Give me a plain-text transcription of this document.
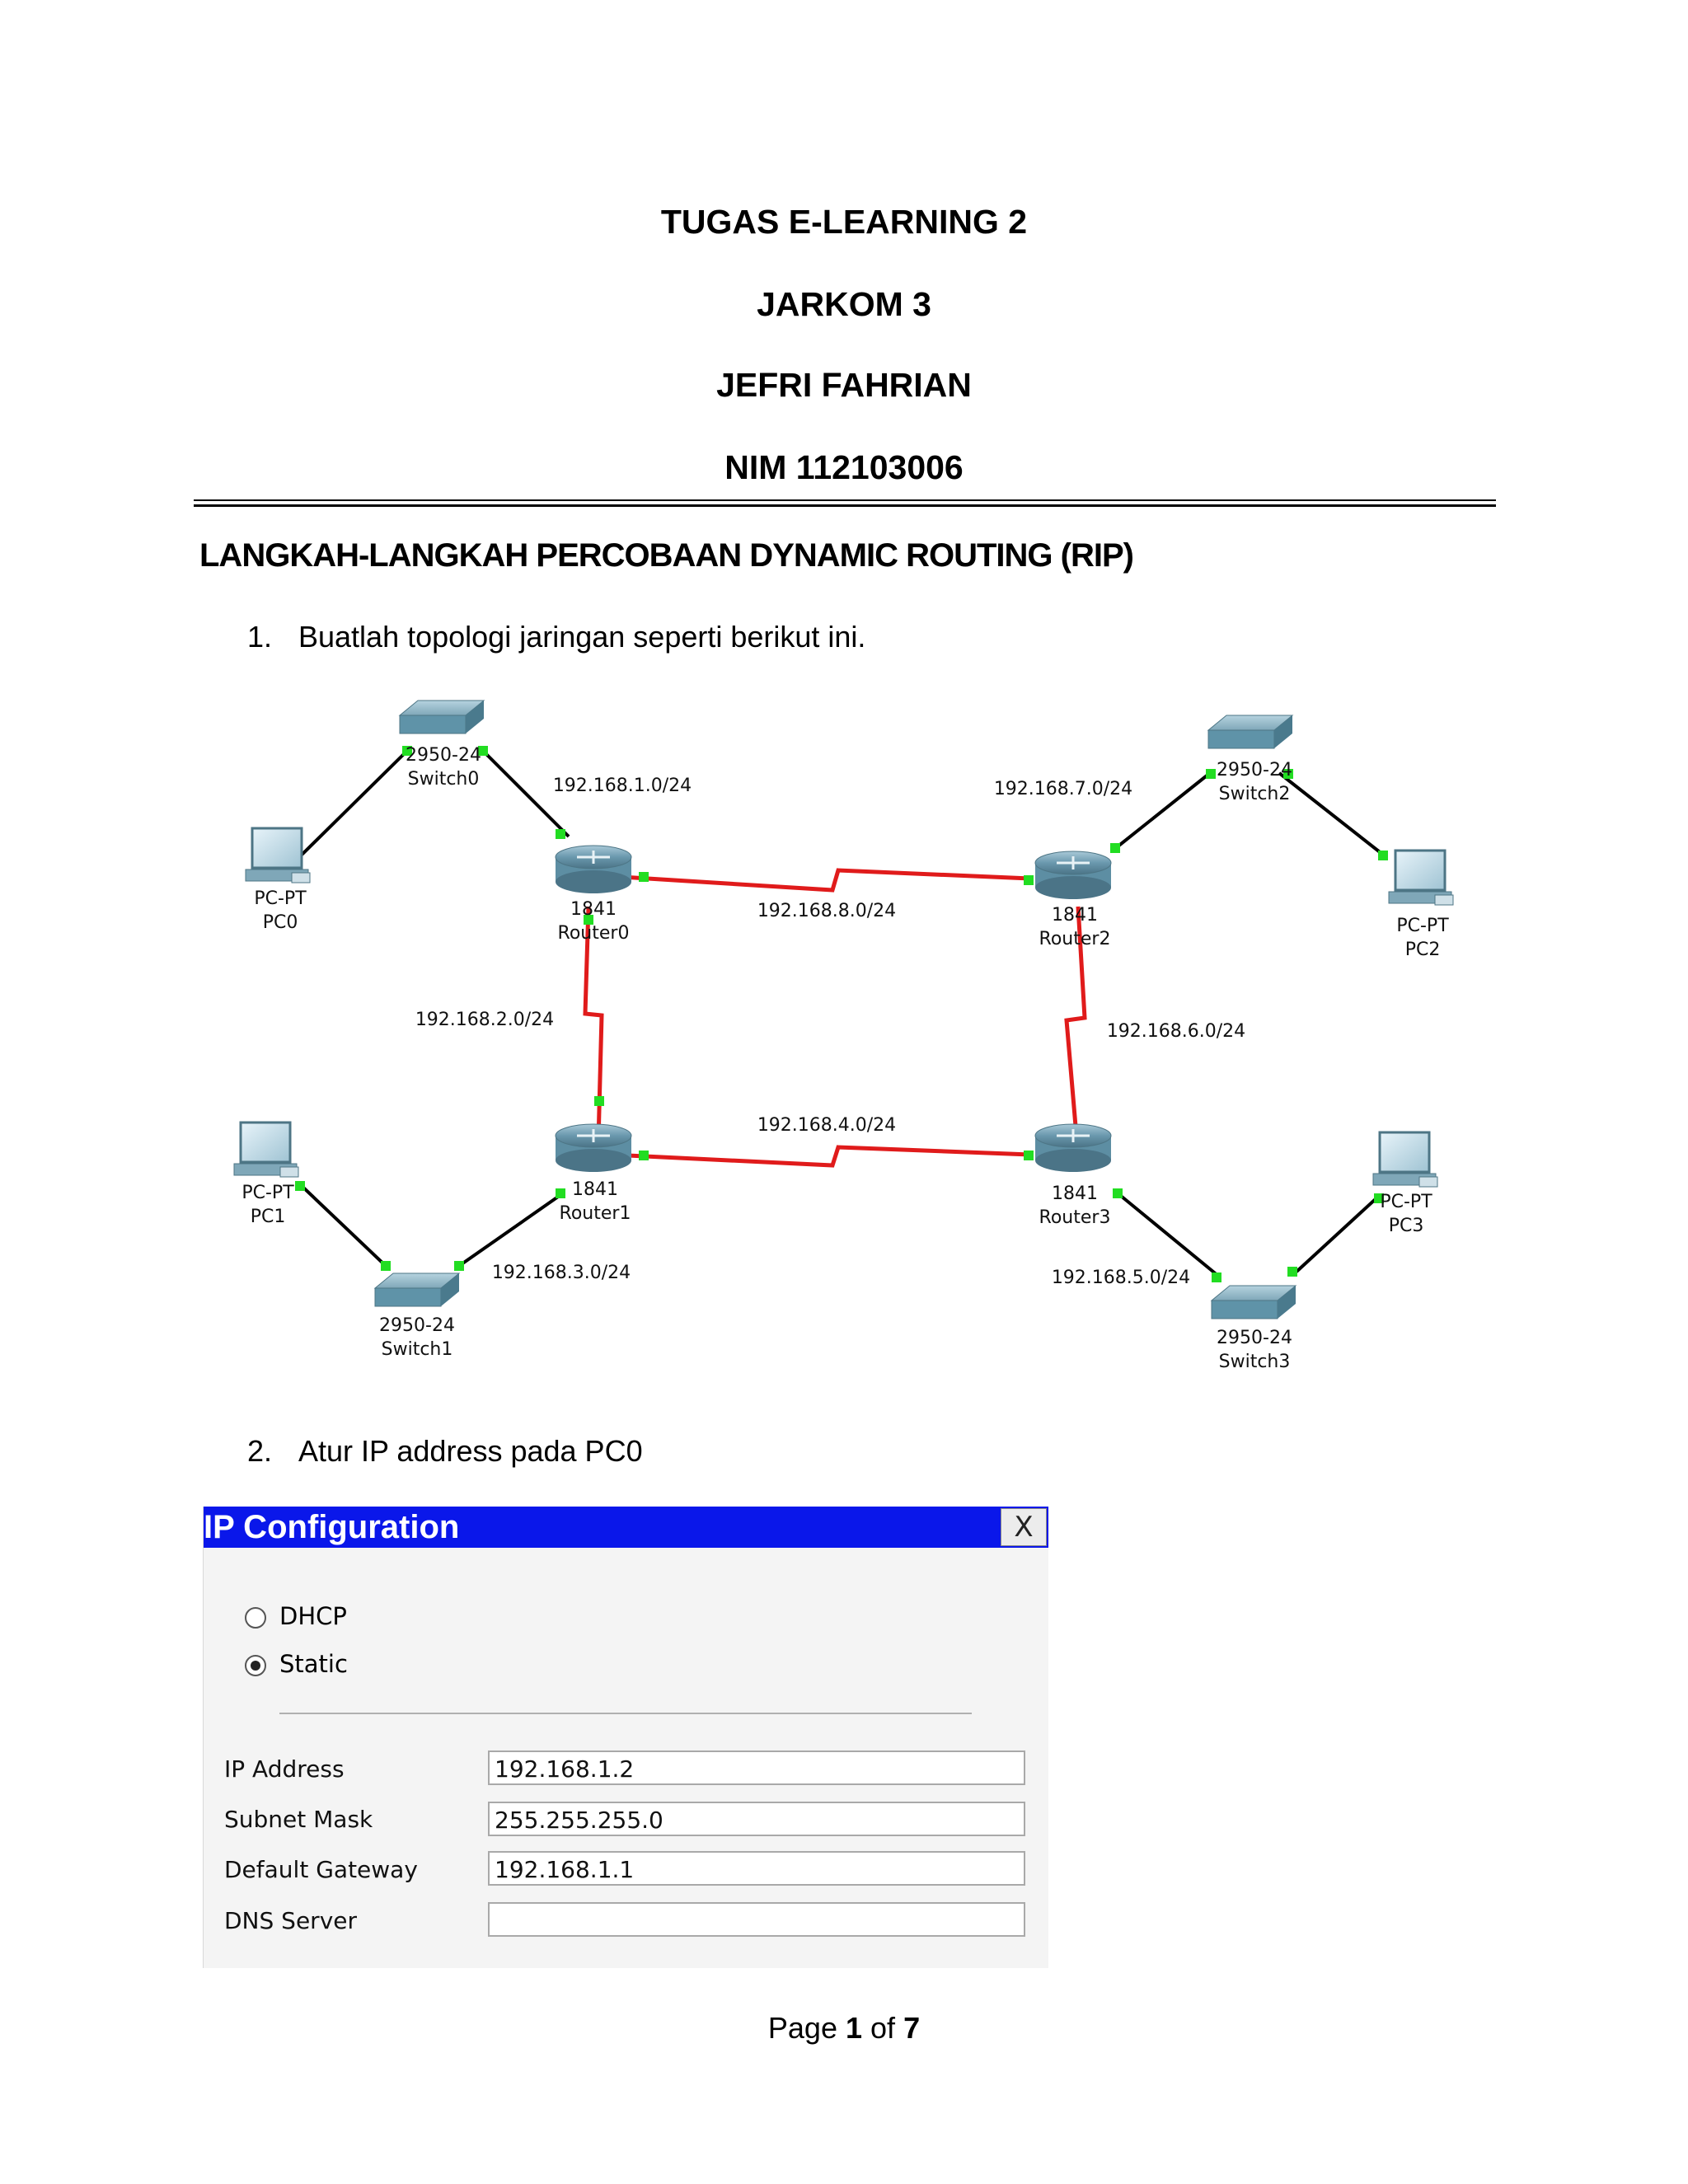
TUGAS E-LEARNING 2
JARKOM 3
JEFRI FAHRIAN
NIM 112103006
LANGKAH-LANGKAH PERCOBAAN DYNAMIC ROUTING (RIP)
1. Buatlah topologi jaringan seperti berikut ini.
2950-24
Switch0	2950-24
Switch2
2950-24
Switch1
2950-24
Switch3
1841
Router0
1841
Router2
1841
Router1
1841
Router3
PC-PT
PC0	PC-PT
PC2
PC-PT
PC1
PC-PT
PC3
192.168.1.0/24	192.168.7.0/24
192.168.8.0/24
192.168.2.0/24
192.168.6.0/24
192.168.4.0/24
192.168.3.0/24	192.168.5.0/24
2. Atur IP address pada PC0
IP Configuration	X
DHCP
Static
IP Address	192.168.1.2
Subnet Mask	255.255.255.0
Default Gateway	192.168.1.1
DNS Server
Page 1 of 7
